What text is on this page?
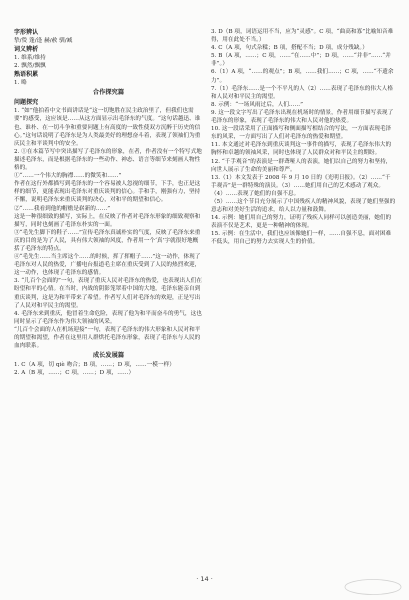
字形辨认

挚/贽 蓬/逢 赫/赦 驯/臧

词义辨析

1. 维系/维持

2. 飘然/飘飘

熟语积累

1. 略

合作探究篇

问题探究

1. “如”他拍着中文书面讲话是“这一切饱胜在民主政治里了，但我们也需要”的感受，这应该是……从这方面显示出毛泽东的气度。“这句话越迅、谁也、谁朴、在一切斗争和重要问题上有高度的一致性使双方沉醉于历史的信心。”这句话说明了毛泽东是为人类最美好的理想奋斗着，表现了领袖们为重庆民主和平谈判中的安全。

2. ①在本篇节写中突出描写了毛泽东的形象，在者，作者没有一个特写式地描述毛泽东，而是根据毛泽东的一些动作、神态、语言等细节来刻画人物性格的。

①“……一个伟大的胸襟……的微笑和……”

作者在这行外都描写到毛泽东的一个容易被人忽视的细节，下手，也正是这样的细节，更能表现出毛泽东对重庆谈判的信心。手和手，刚强有力，坚持不懈，说明毛泽东来重庆谈判的决心，对和平的期望和信心。

②“……我看到他的帽檐是崭新的……”

这是一种很细致的描写，实际上，在反映了作者对毛泽东形象的细致观察和描写，同时也刻画了毛泽东朴实的一面。

③“毛先生脚下的鞋子……”宣传毛泽东真诚朴实的气度，反映了毛泽东来重庆的目的是为了人民，具有伟大领袖的风度，作者用一个‘真’字就很好地概括了毛泽东的特点。

④“毛先生……当主席这个……的时候，挥了挥帽子……”这一动作，体现了毛泽东对人民的热爱，广播电台报道毛主席在重庆受到了人民的热烈欢迎，这一动作，也体现了毛泽东的感情。

3. “儿百个会面的”一句，表现了重庆人民对毛泽东的热爱，也表现出人们在盼望和平的心情。在当时，内战的阴影笼罩着中国的大地，毛泽东能亲自到重庆谈判，这是为和平带来了希望。作者写人们对毛泽东的欢迎，正是写出了人民对和平民主的渴望。

4. 毛泽东来到重庆，他冒着生命危险，表现了他为和平而奋斗的勇气，这也同时显示了毛泽东作为伟大领袖的风采。

“儿百个会面的人在机场迎接”一句，表现了毛泽东的伟大形象和人民对和平的期望和渴望，作者在这里用人群烘托毛泽东形象，表现了毛泽东与人民的血肉联系。

成长发展篇

1. C（A 项，切 qiè 吻合；B 项，……；D 项，……一模一样）

2. A（B 项，……；C 项，……；D 项，……）

3. D（B 项，词语运用不当，应为“灵感”。C 项，“曲高和寡”比喻知音难得，用在此处不当。）

4. C（A 项，句式杂糅；B 项，搭配不当；D 项，成分残缺。）

5. B（A 项，……；C 项，……“在……中”；D 项，……“并非”……“并非”。）

6.（1）A 项，“……的观点”；B 项，……我们……；C 项，……“不遗余力”。

7.（1）毛泽东……是一个不平凡的人（2）……表现了毛泽东的伟大人格和人民对和平民主的渴望。

8. 示例：“一场风雨过后，人们……”

9. 这一段文字写出了毛泽东出现在机场时的情景，作者用细节描写表现了毛泽东的形象，表现了毛泽东的伟大和人民对他的热爱。

10. 这一段话采用了正面描写和侧面描写相结合的写法，一方面表现毛泽东的风采，一方面写出了人们对毛泽东的热爱和期望。

11. 本文通过对毛泽东到重庆谈判这一事件的描写，表现了毛泽东伟大的胸怀和卓越的领袖风采，同时也体现了人民群众对和平民主的期盼。

12. “千手观音”的表演是一群聋哑人的表演，她们以自己的努力和坚持，向世人展示了生命的美丽和尊严。

13.（1）本文发表于 2008 年 9 月 10 日的《光明日报》。（2）……“千手观音”是一群特殊的演员。（3）……她们用自己的艺术感动了观众。（4）……表现了她们的自强不息。

（5）……这个节目充分展示了中国残疾人的精神风貌，表现了她们坚强的意志和对美好生活的追求，给人以力量和鼓舞。

14. 示例：她们用自己的努力，证明了残疾人同样可以创造美丽，她们的表演不仅是艺术，更是一种精神的体现。

15. 示例：在生活中，我们也应该像她们一样，……自强不息，面对困难不低头，用自己的努力去实现人生的价值。

· 14 ·
